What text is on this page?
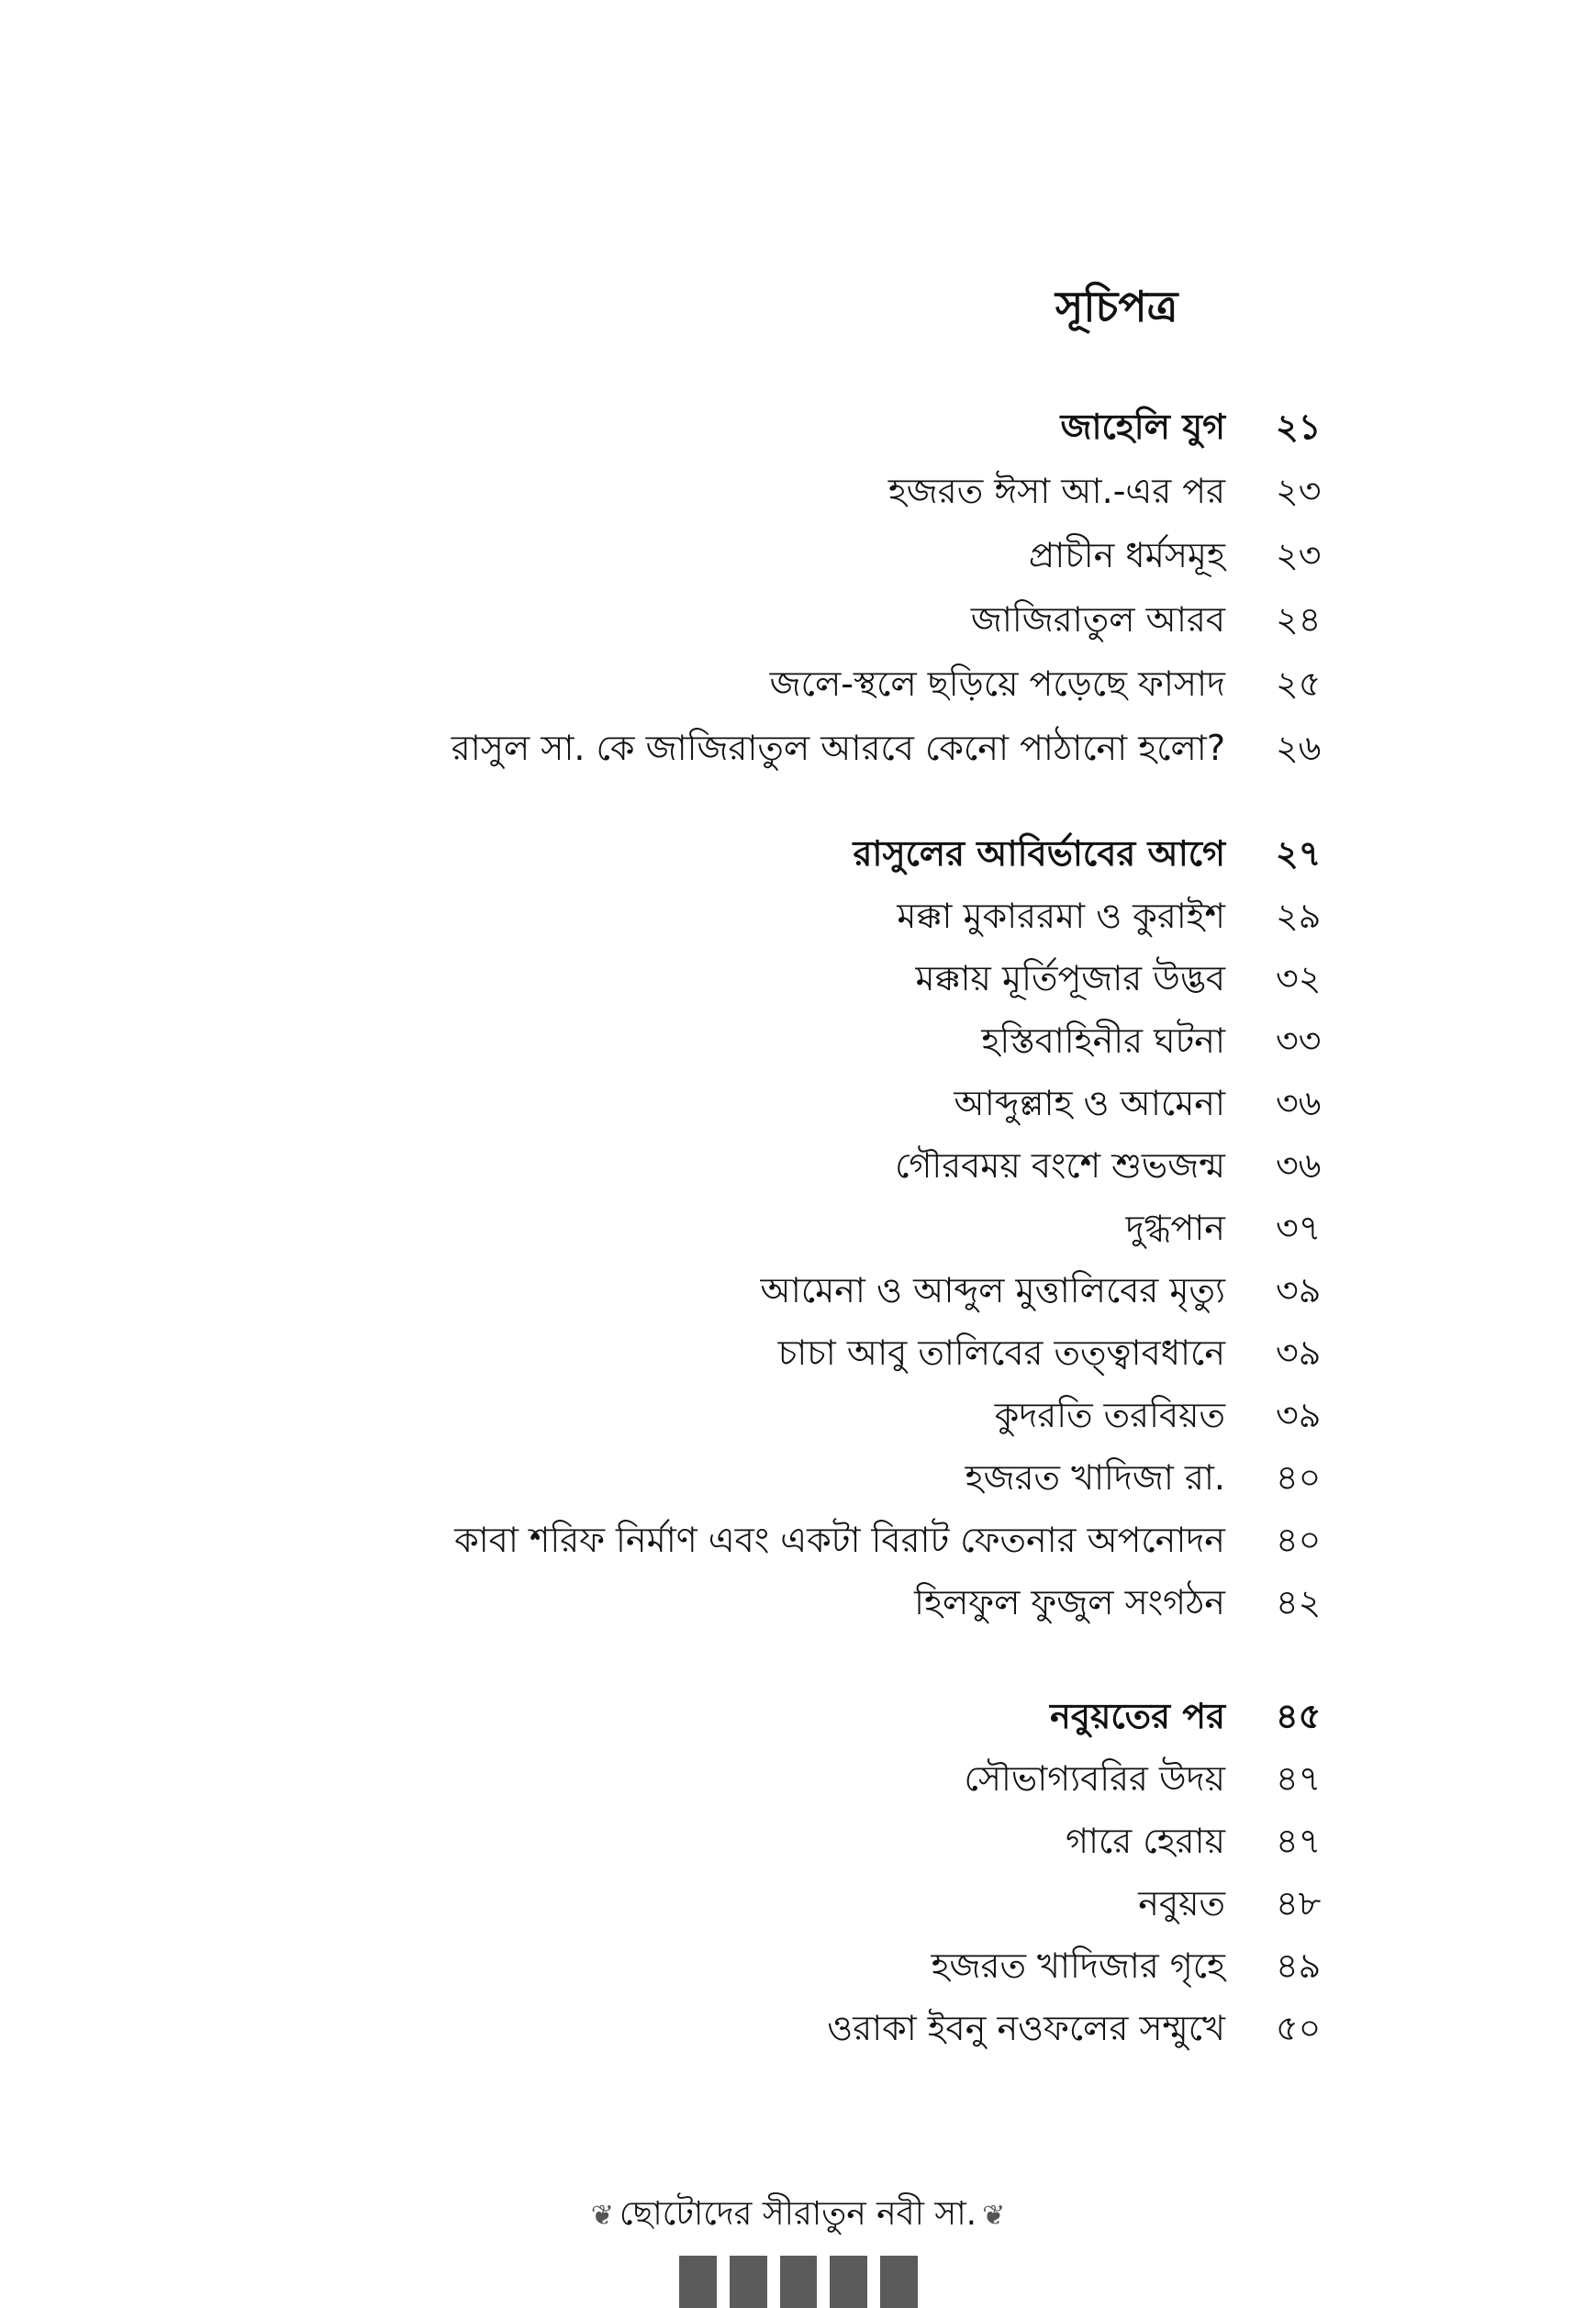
সূচিপত্র
জাহেলি যুগ ২১
হজরত ঈসা আ.-এর পর ২৩
প্রাচীন ধর্মসমূহ ২৩
জাজিরাতুল আরব ২৪
জলে-স্থলে ছড়িয়ে পড়েছে ফাসাদ ২৫
রাসুল সা. কে জাজিরাতুল আরবে কেনো পাঠানো হলো? ২৬
রাসুলের আবির্ভাবের আগে ২৭
মক্কা মুকাররমা ও কুরাইশ ২৯
মক্কায় মূর্তিপূজার উদ্ভব ৩২
হস্তিবাহিনীর ঘটনা ৩৩
আব্দুল্লাহ ও আমেনা ৩৬
গৌরবময় বংশে শুভজন্ম ৩৬
দুগ্ধপান ৩৭
আমেনা ও আব্দুল মুত্তালিবের মৃত্যু ৩৯
চাচা আবু তালিবের তত্ত্বাবধানে ৩৯
কুদরতি তরবিয়ত ৩৯
হজরত খাদিজা রা. ৪০
কাবা শরিফ নির্মাণ এবং একটা বিরাট ফেতনার অপনোদন ৪০
হিলফুল ফুজুল সংগঠন ৪২
নবুয়তের পর ৪৫
সৌভাগ্যবরির উদয় ৪৭
গারে হেরায় ৪৭
নবুয়ত ৪৮
হজরত খাদিজার গৃহে ৪৯
ওরাকা ইবনু নওফলের সম্মুখে ৫০
❦ ছোটোদের সীরাতুন নবী সা. ❦
